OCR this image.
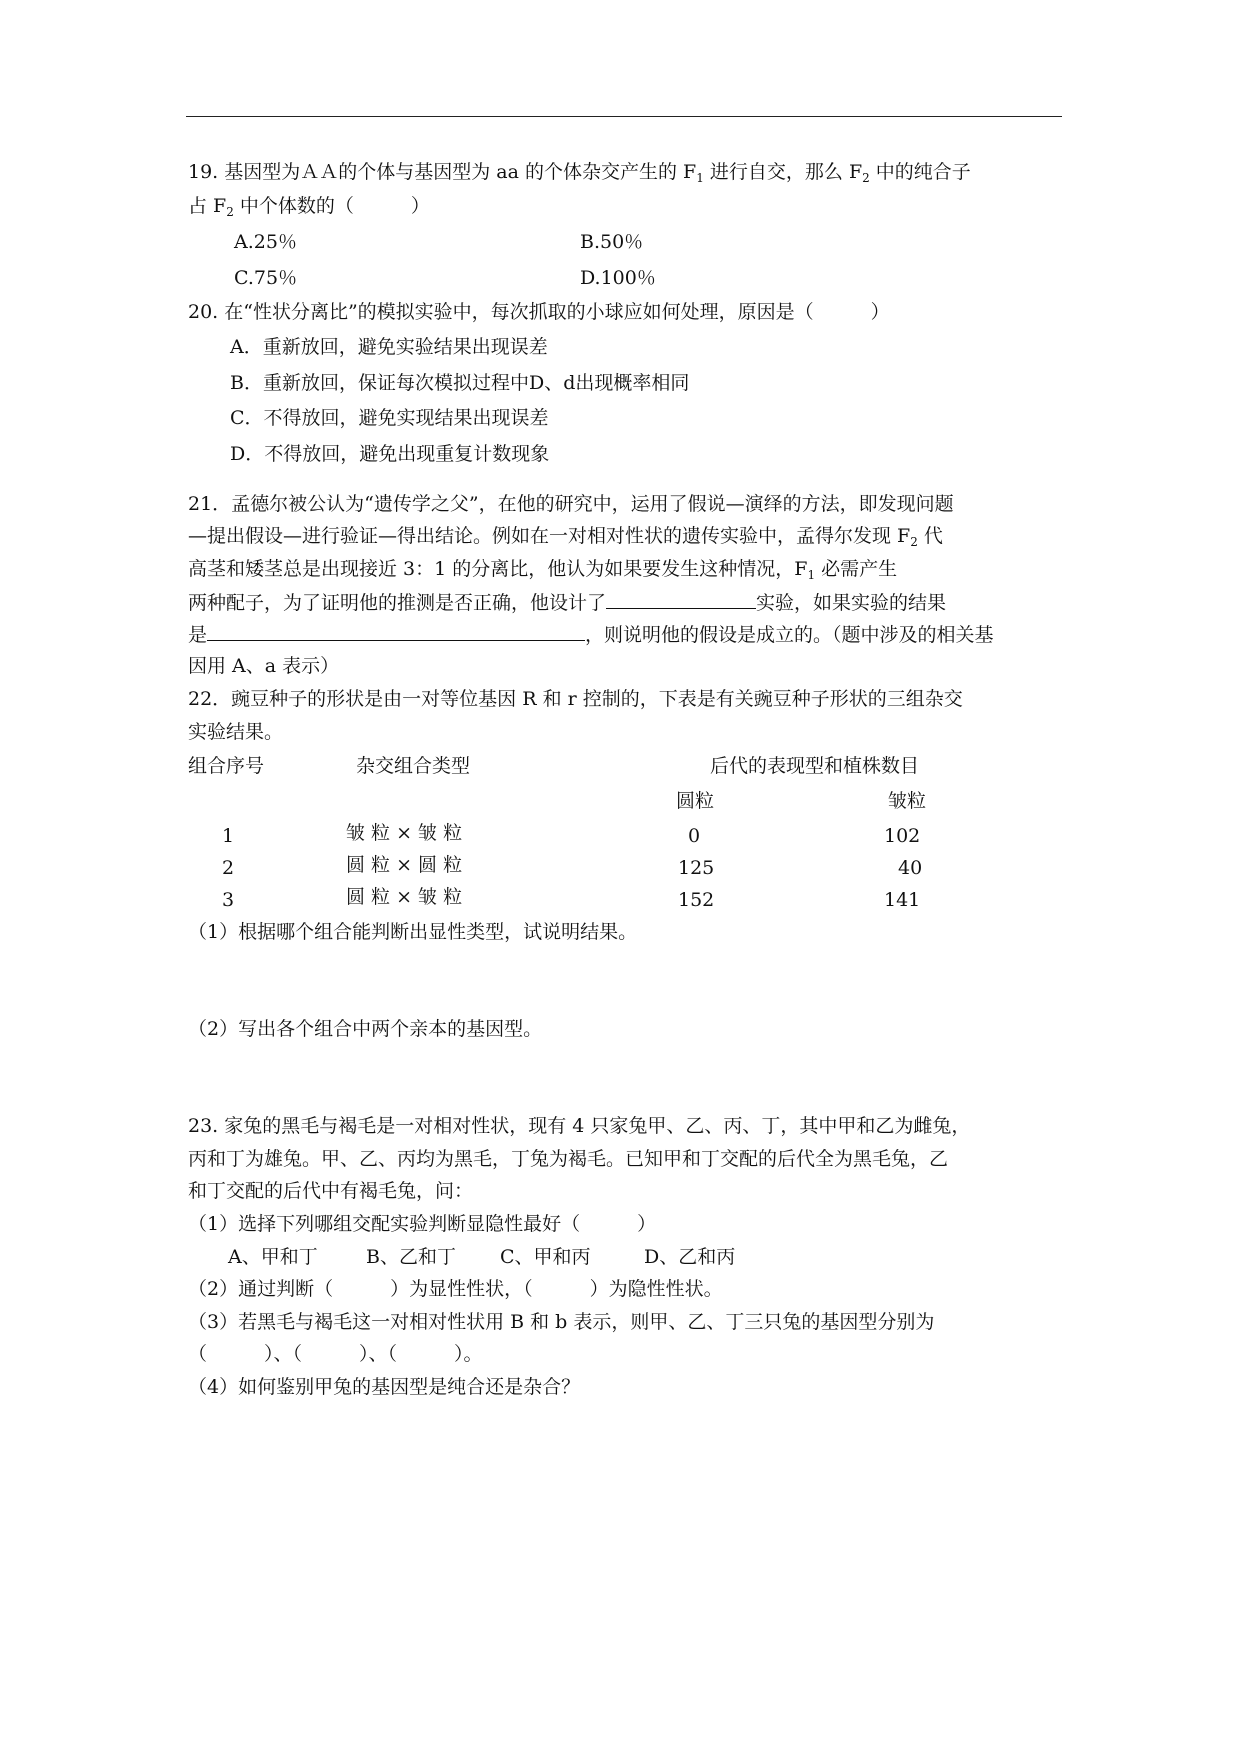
19. 基因型为ＡＡ的个体与基因型为 aa 的个体杂交产生的 $F_1$ 进行自交，那么 $F_2$ 中的纯合子
占 $F_2$ 中个体数的（　　　）
A.25％	B.50％
C.75％	D.100％
20. 在“性状分离比”的模拟实验中，每次抓取的小球应如何处理，原因是（　　　）
A．重新放回，避免实验结果出现误差
B．重新放回，保证每次模拟过程中D、d出现概率相同
C．不得放回，避免实现结果出现误差
D．不得放回，避免出现重复计数现象
21．孟德尔被公认为“遗传学之父”，在他的研究中，运用了假说—演绎的方法，即发现问题
—提出假设—进行验证—得出结论。例如在一对相对性状的遗传实验中，孟得尔发现 $F_2$ 代
高茎和矮茎总是出现接近 3：1 的分离比，他认为如果要发生这种情况，$F_1$ 必需产生
两种配子，为了证明他的推测是否正确，他设计了	实验，如果实验的结果
是	，则说明他的假设是成立的。（题中涉及的相关基
因用 A、a 表示）
22．豌豆种子的形状是由一对等位基因 R 和 r 控制的，下表是有关豌豆种子形状的三组杂交
实验结果。
组合序号	杂交组合类型	后代的表现型和植株数目
圆粒	皱粒
1	皱 粒 × 皱 粒	0	102
2	圆 粒 × 圆 粒	125	40
3	圆 粒 × 皱 粒	152	141
（1）根据哪个组合能判断出显性类型，试说明结果。
（2）写出各个组合中两个亲本的基因型。
23. 家兔的黑毛与褐毛是一对相对性状，现有 4 只家兔甲、乙、丙、丁，其中甲和乙为雌兔，
丙和丁为雄兔。甲、乙、丙均为黑毛，丁兔为褐毛。已知甲和丁交配的后代全为黑毛兔，乙
和丁交配的后代中有褐毛兔，问：
（1）选择下列哪组交配实验判断显隐性最好（　　　）
A、甲和丁	B、乙和丁 C、甲和丙	D、乙和丙
（2）通过判断（　　　）为显性性状，（　　　）为隐性性状。
（3）若黑毛与褐毛这一对相对性状用 B 和 b 表示，则甲、乙、丁三只兔的基因型分别为
（　　　）、（　　　）、（　　　）。
（4）如何鉴别甲兔的基因型是纯合还是杂合？
